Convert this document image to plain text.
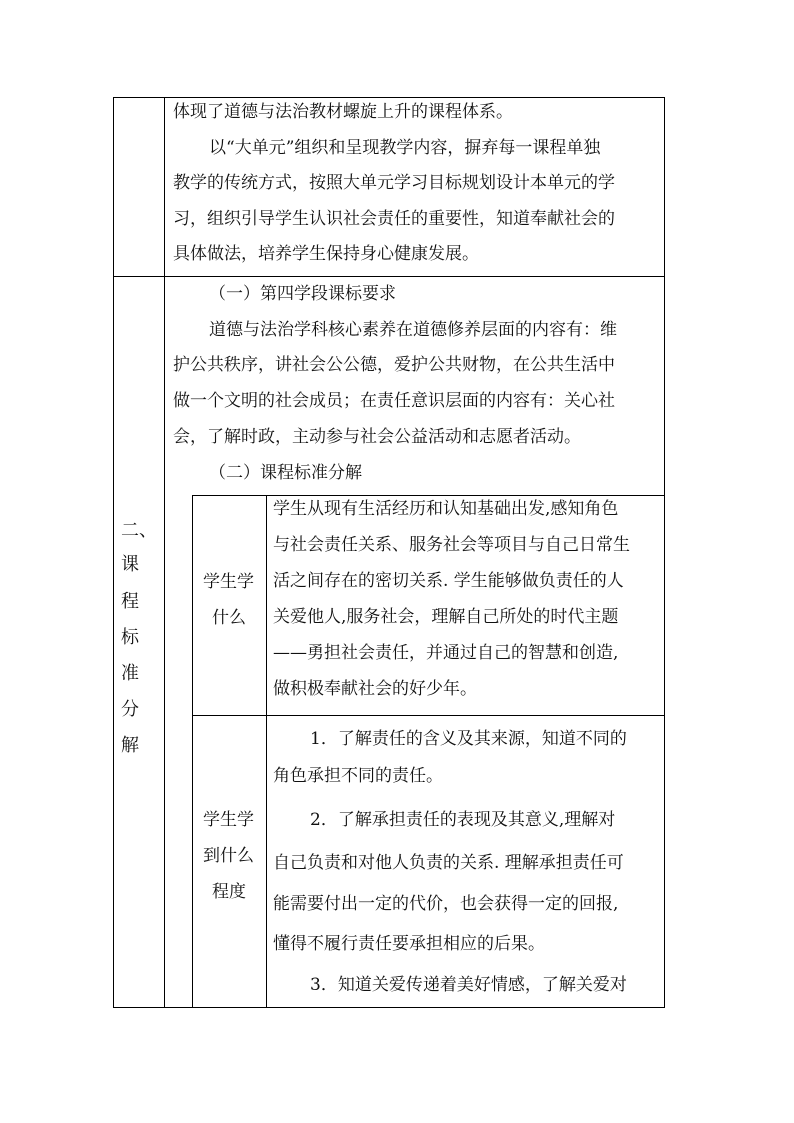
体现了道德与法治教材螺旋上升的课程体系。
以“大单元”组织和呈现教学内容，摒弃每一课程单独
教学的传统方式，按照大单元学习目标规划设计本单元的学
习，组织引导学生认识社会责任的重要性，知道奉献社会的
具体做法，培养学生保持身心健康发展。
二、
课
程
标
准
分
解
（一）第四学段课标要求
道德与法治学科核心素养在道德修养层面的内容有：维
护公共秩序，讲社会公公德，爱护公共财物，在公共生活中
做一个文明的社会成员；在责任意识层面的内容有：关心社
会，了解时政，主动参与社会公益活动和志愿者活动。
（二）课程标准分解
学生学
什么
学生从现有生活经历和认知基础出发,感知角色
与社会责任关系、服务社会等项目与自己日常生
活之间存在的密切关系. 学生能够做负责任的人
关爱他人,服务社会，理解自己所处的时代主题
——勇担社会责任，并通过自己的智慧和创造,
做积极奉献社会的好少年。
学生学
到什么
程度
1．了解责任的含义及其来源，知道不同的
角色承担不同的责任。
2．了解承担责任的表现及其意义,理解对
自己负责和对他人负责的关系. 理解承担责任可
能需要付出一定的代价，也会获得一定的回报,
懂得不履行责任要承担相应的后果。
3．知道关爱传递着美好情感，了解关爱对
